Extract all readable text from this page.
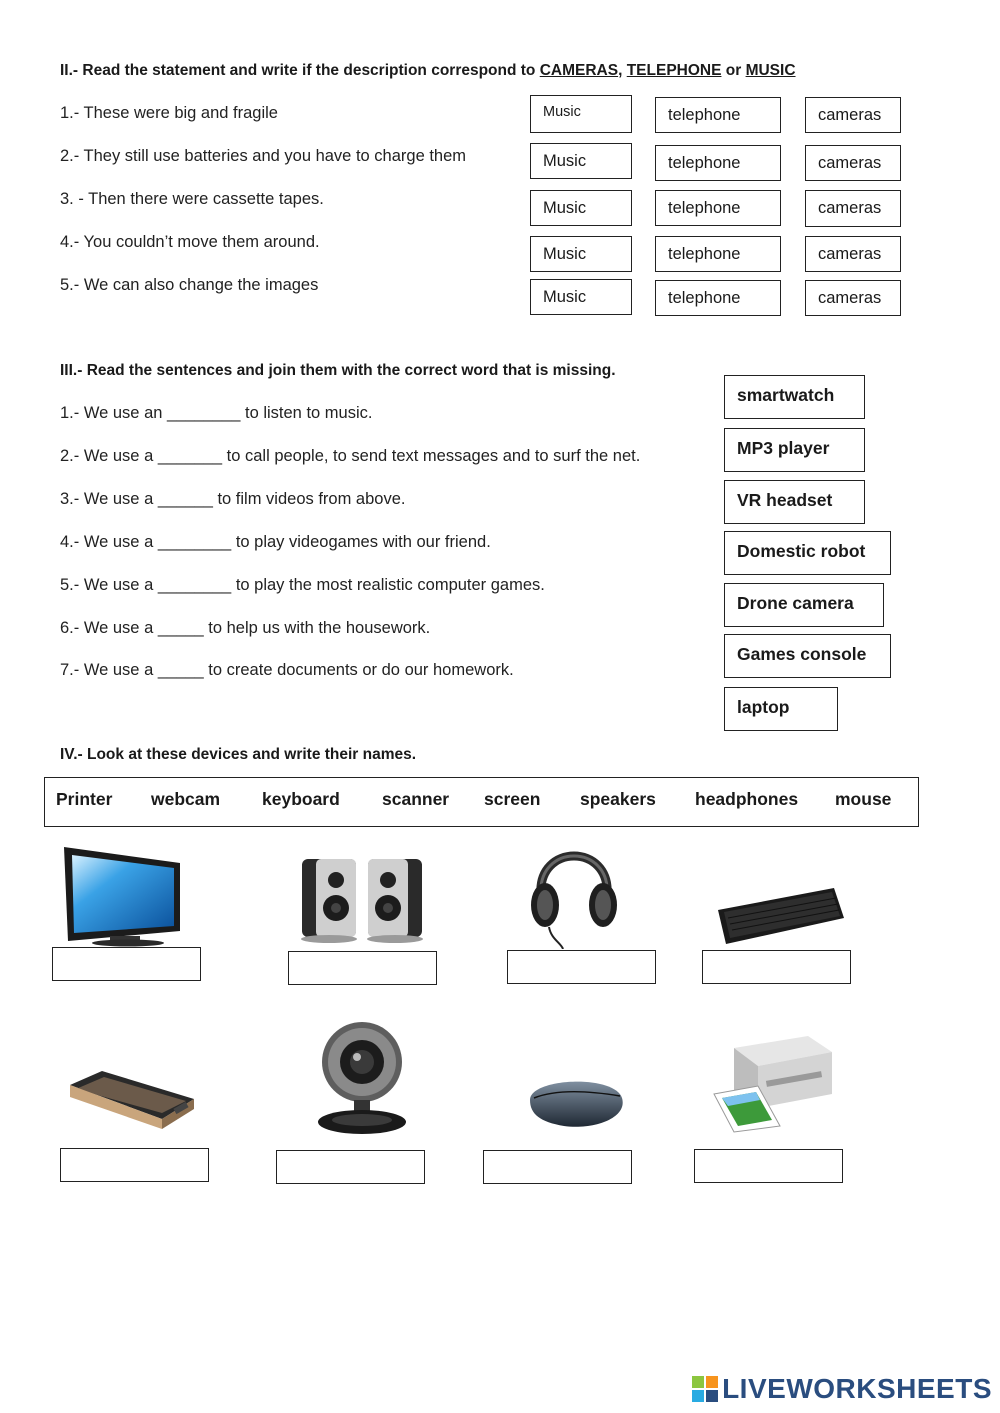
II.- Read the statement and write if the description correspond to CAMERAS, TELEPHONE or MUSIC
1.- These were big and fragile
2.- They still use batteries and you have to charge them
3. - Then there were cassette tapes.
4.- You couldn’t move them around.
5.- We can also change the images
Music	telephone	cameras
Music	telephone	cameras
Music	telephone	cameras
Music	telephone	cameras
Music	telephone	cameras
III.- Read the sentences and join them with the correct word that is missing.
1.- We use an ________ to listen to music.
2.- We use a _______ to call people, to send text messages and to surf the net.
3.- We use a ______ to film videos from above.
4.- We use a ________ to play videogames with our friend.
5.- We use a ________ to play the most realistic computer games.
6.- We use a _____ to help us with the housework.
7.- We use a _____ to create documents or do our homework.
smartwatch
MP3 player
VR headset
Domestic robot
Drone camera
Games console
laptop
IV.- Look at these devices and write their names.
Printer webcam keyboard scanner screen speakers headphones mouse
LIVEWORKSHEETS
